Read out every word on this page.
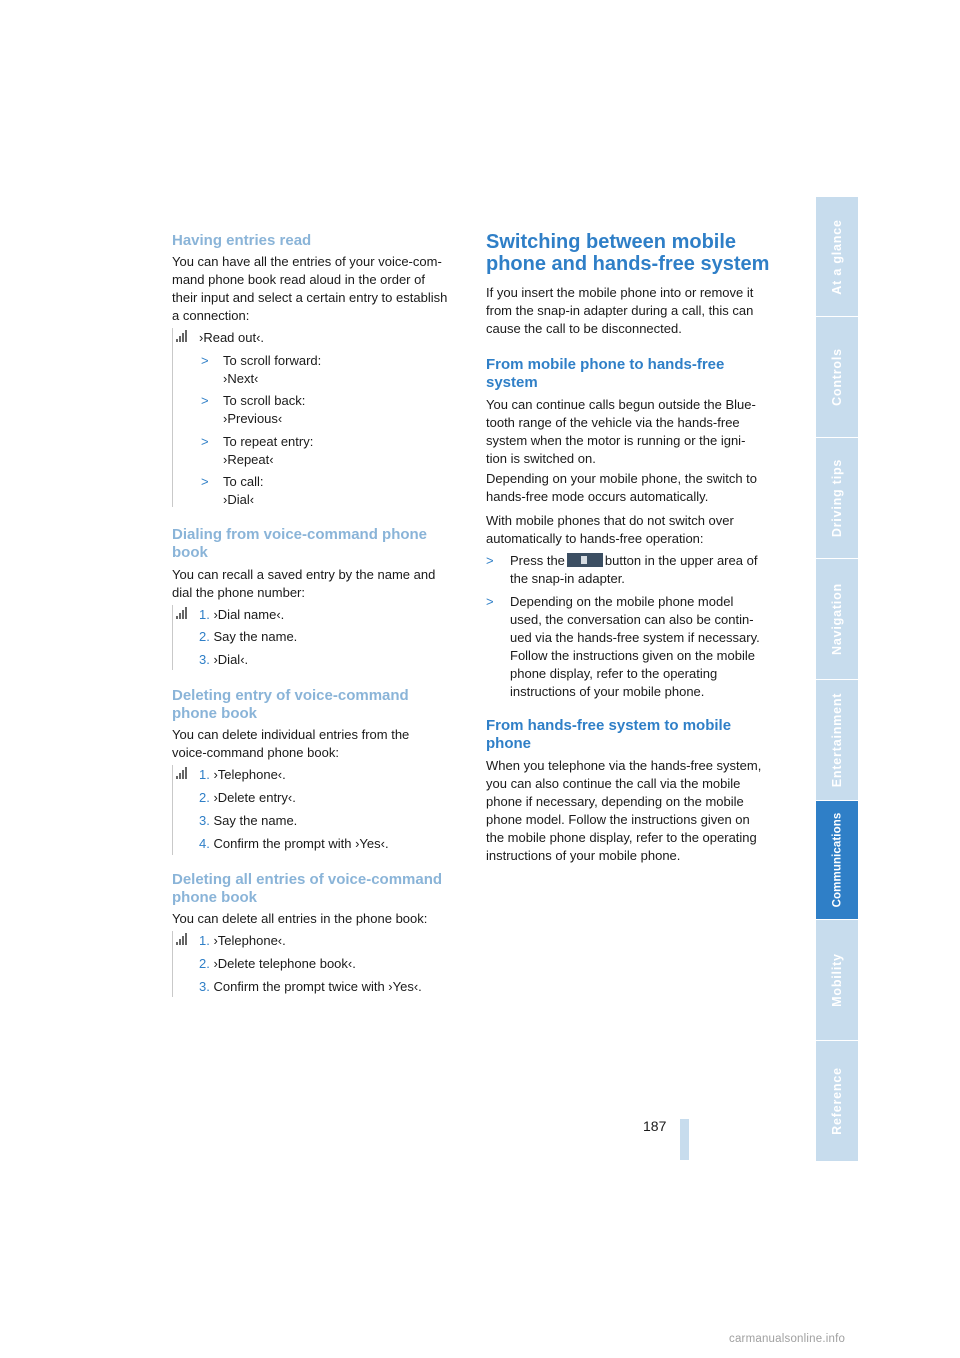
Having entries read

You can have all the entries of your voice-com-
mand phone book read aloud in the order of
their input and select a certain entry to establish
a connection:

›Read out‹.
> To scroll forward:
›Next‹
> To scroll back:
›Previous‹
> To repeat entry:
›Repeat‹
> To call:
›Dial‹
Dialing from voice-command phone
book

You can recall a saved entry by the name and
dial the phone number:

1. ›Dial name‹.
2. Say the name.
3. ›Dial‹.
Deleting entry of voice-command
phone book

You can delete individual entries from the
voice-command phone book:

1. ›Telephone‹.
2. ›Delete entry‹.
3. Say the name.
4. Confirm the prompt with ›Yes‹.
Deleting all entries of voice-command
phone book

You can delete all entries in the phone book:

1. ›Telephone‹.
2. ›Delete telephone book‹.
3. Confirm the prompt twice with ›Yes‹.
Switching between mobile
phone and hands-free system

If you insert the mobile phone into or remove it
from the snap-in adapter during a call, this can
cause the call to be disconnected.

From mobile phone to hands-free
system

You can continue calls begun outside the Blue-
tooth range of the vehicle via the hands-free
system when the motor is running or the igni-
tion is switched on.

Depending on your mobile phone, the switch to
hands-free mode occurs automatically.

With mobile phones that do not switch over
automatically to hands-free operation:

> Press the	button in the upper area of
the snap-in adapter.
> Depending on the mobile phone model
used, the conversation can also be contin-
ued via the hands-free system if necessary.
Follow the instructions given on the mobile
phone display, refer to the operating
instructions of your mobile phone.
From hands-free system to mobile
phone

When you telephone via the hands-free system,
you can also continue the call via the mobile
phone if necessary, depending on the mobile
phone model. Follow the instructions given on
the mobile phone display, refer to the operating
instructions of your mobile phone.

At a glance
Controls
Driving tips
Navigation
Entertainment
Communications
Mobility
Reference
187
carmanualsonline.info
